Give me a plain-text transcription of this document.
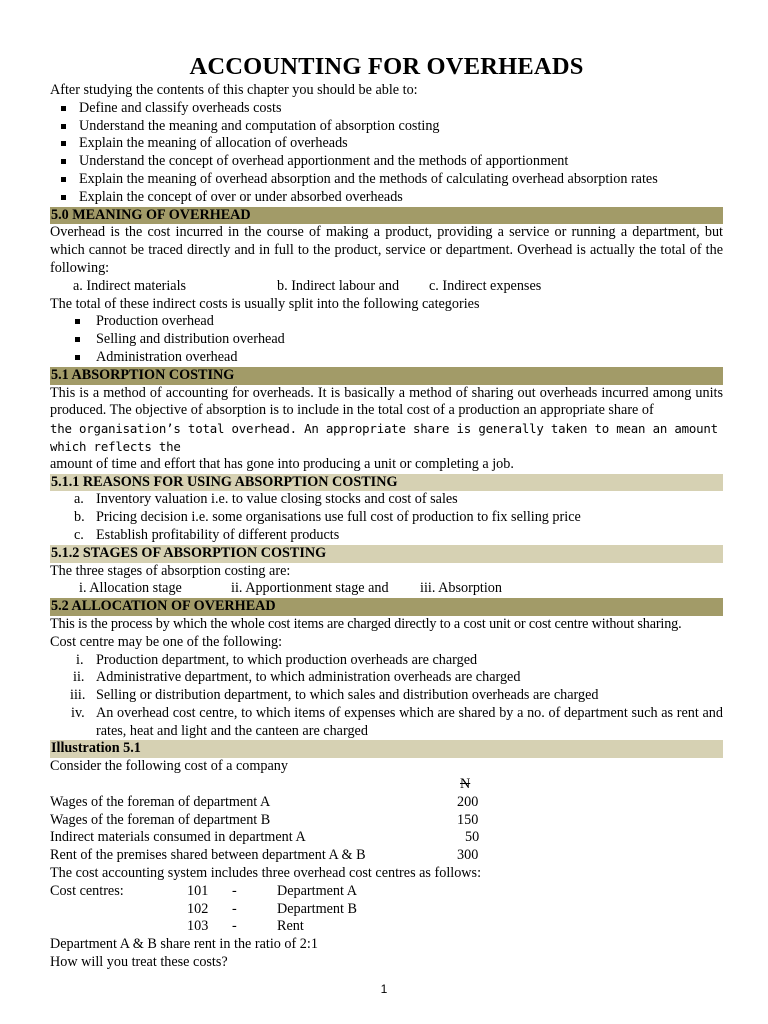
ACCOUNTING FOR OVERHEADS

After studying the contents of this chapter you should be able to:

Define and classify overheads costs
Understand the meaning and computation of absorption costing
Explain the meaning of allocation of overheads
Understand the concept of overhead apportionment and the methods of apportionment
Explain the meaning of overhead absorption and the methods of calculating overhead absorption rates
Explain the concept of over or under absorbed overheads
5.0 MEANING OF OVERHEAD

Overhead is the cost incurred in the course of making a product, providing a service or running a department, but which cannot be traced directly and in full to the product, service or department. Overhead is actually the total of the following:

a. Indirect materials	b. Indirect labour and c. Indirect expenses

The total of these indirect costs is usually split into the following categories

Production overhead
Selling and distribution overhead
Administration overhead
5.1 ABSORPTION COSTING

This is a method of accounting for overheads. It is basically a method of sharing out overheads incurred among units produced. The objective of absorption is to include in the total cost of a production an appropriate share of

the organisation’s total overhead. An appropriate share is generally taken to mean an amount which reflects the

amount of time and effort that has gone into producing a unit or completing a job.

5.1.1 REASONS FOR USING ABSORPTION COSTING
a. Inventory valuation i.e. to value closing stocks and cost of sales
b. Pricing decision i.e. some organisations use full cost of production to fix selling price
c. Establish profitability of different products
5.1.2 STAGES OF ABSORPTION COSTING

The three stages of absorption costing are:

i. Allocation stage	ii. Apportionment stage and iii. Absorption
5.2 ALLOCATION OF OVERHEAD

This is the process by which the whole cost items are charged directly to a cost unit or cost centre without sharing.

Cost centre may be one of the following:

i. Production department, to which production overheads are charged
ii. Administrative department, to which administration overheads are charged
iii. Selling or distribution department, to which sales and distribution overheads are charged
iv. An overhead cost centre, to which items of expenses which are shared by a no. of department such as rent and rates, heat and light and the canteen are charged
Illustration 5.1

Consider the following cost of a company

N
Wages of the foreman of department A	200
Wages of the foreman of department B	150
Indirect materials consumed in department A	50
Rent of the premises shared between department A & B	300

The cost accounting system includes three overhead cost centres as follows:

Cost centres:	101 -	Department A
102 -	Department B
103 -	Rent

Department A & B share rent in the ratio of 2:1

How will you treat these costs?

1
